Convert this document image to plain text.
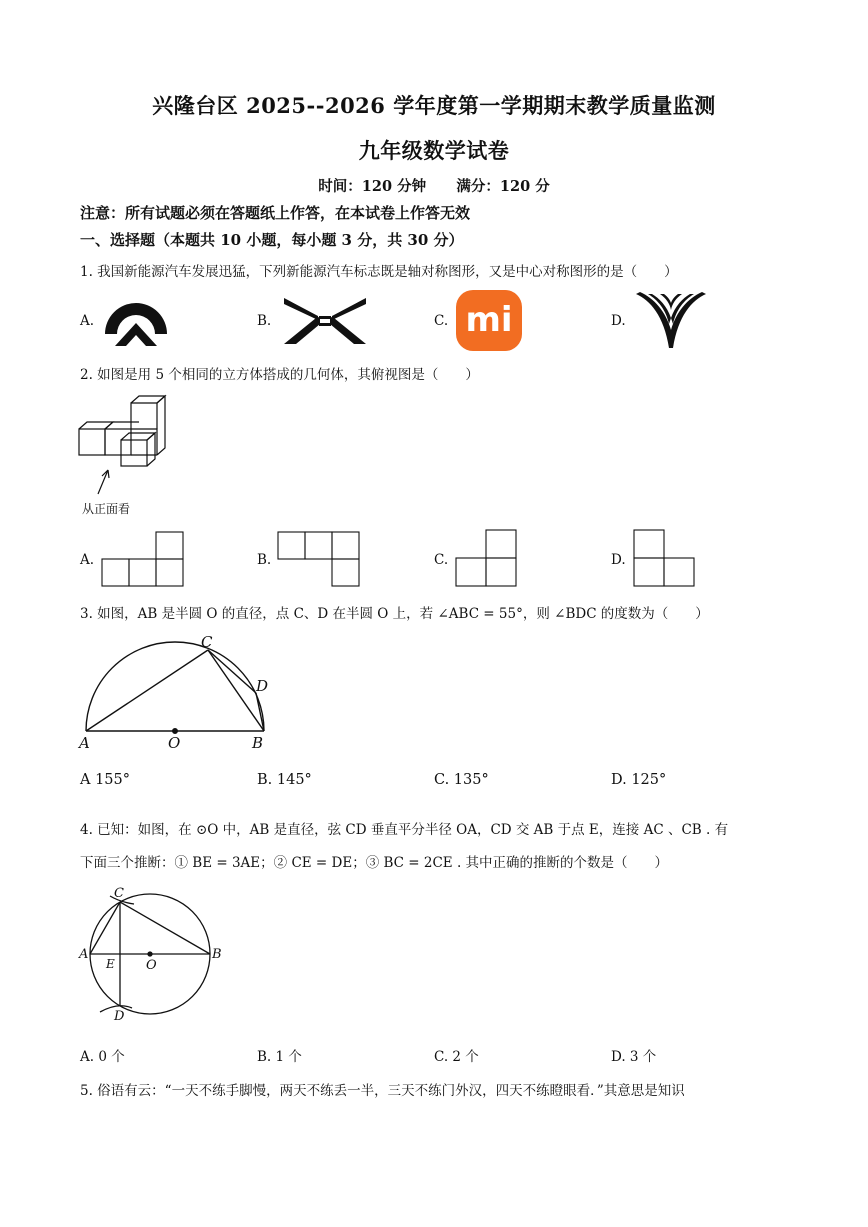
兴隆台区 2025--2026 学年度第一学期期末教学质量监测
九年级数学试卷
时间：120 分钟      满分：120 分
注意：所有试题必须在答题纸上作答，在本试卷上作答无效
一、选择题（本题共 10 小题，每小题 3 分，共 30 分）
1. 我国新能源汽车发展迅猛，下列新能源汽车标志既是轴对称图形，又是中心对称图形的是（　　）
A.	B.	C.	D.
mi
2. 如图是用 5 个相同的立方体搭成的几何体，其俯视图是（　　）
从正面看
A.	B.	C.	D.
3. 如图，AB 是半圆 O 的直径，点 C、D 在半圆 O 上，若 ∠ABC = 55°，则 ∠BDC 的度数为（　　）
A	O	B
C
D
A 155°	B. 145°	C. 135°	D. 125°
4. 已知：如图，在 ⊙O 中，AB 是直径，弦 CD 垂直平分半径 OA，CD 交 AB 于点 E，连接 AC 、CB . 有
下面三个推断：① BE = 3AE；② CE = DE；③ BC = 2CE . 其中正确的推断的个数是（　　）
C
A	B
E O
D
A. 0 个	B. 1 个	C. 2 个	D. 3 个
5. 俗语有云：“一天不练手脚慢，两天不练丢一半，三天不练门外汉，四天不练瞪眼看．”其意思是知识
